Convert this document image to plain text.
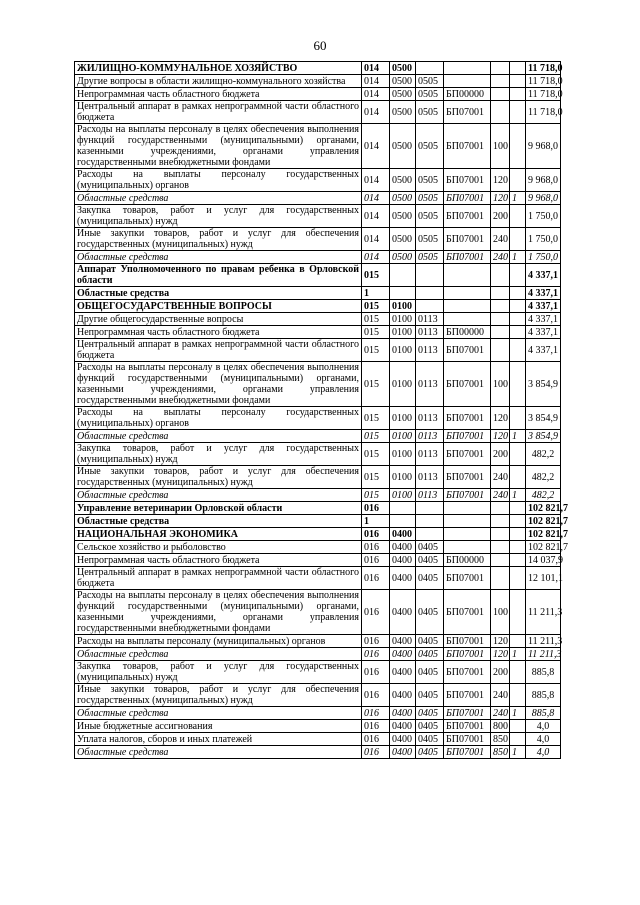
60
ЖИЛИЩНО-КОММУНАЛЬНОЕ ХОЗЯЙСТВО	014	0500					11 718,0
Другие вопросы в области жилищно-коммунального хозяйства	014	0500	0505				11 718,0
Непрограммная часть областного бюджета	014	0500	0505	БП00000			11 718,0
Центральный аппарат в рамках непрограммной части областного бюджета	014	0500	0505	БП07001			11 718,0
Расходы на выплаты персоналу в целях обеспечения выполнения функций государственными (муниципальными) органами, казенными учреждениями, органами управления государственными внебюджетными фондами	014	0500	0505	БП07001	100		9 968,0
Расходы на выплаты персоналу государственных (муниципальных) органов	014	0500	0505	БП07001	120		9 968,0
Областные средства	014	0500	0505	БП07001	120	1	9 968,0
Закупка товаров, работ и услуг для государственных (муниципальных) нужд	014	0500	0505	БП07001	200		1 750,0
Иные закупки товаров, работ и услуг для обеспечения государственных (муниципальных) нужд	014	0500	0505	БП07001	240		1 750,0
Областные средства	014	0500	0505	БП07001	240	1	1 750,0
Аппарат Уполномоченного по правам ребенка в Орловской области	015						4 337,1
Областные средства	1						4 337,1
ОБЩЕГОСУДАРСТВЕННЫЕ ВОПРОСЫ	015	0100					4 337,1
Другие общегосударственные вопросы	015	0100	0113				4 337,1
Непрограммная часть областного бюджета	015	0100	0113	БП00000			4 337,1
Центральный аппарат в рамках непрограммной части областного бюджета	015	0100	0113	БП07001			4 337,1
Расходы на выплаты персоналу в целях обеспечения выполнения функций государственными (муниципальными) органами, казенными учреждениями, органами управления государственными внебюджетными фондами	015	0100	0113	БП07001	100		3 854,9
Расходы на выплаты персоналу государственных (муниципальных) органов	015	0100	0113	БП07001	120		3 854,9
Областные средства	015	0100	0113	БП07001	120	1	3 854,9
Закупка товаров, работ и услуг для государственных (муниципальных) нужд	015	0100	0113	БП07001	200		482,2
Иные закупки товаров, работ и услуг для обеспечения государственных (муниципальных) нужд	015	0100	0113	БП07001	240		482,2
Областные средства	015	0100	0113	БП07001	240	1	482,2
Управление ветеринарии Орловской области	016						102 821,7
Областные средства	1						102 821,7
НАЦИОНАЛЬНАЯ ЭКОНОМИКА	016	0400					102 821,7
Сельское хозяйство и рыболовство	016	0400	0405				102 821,7
Непрограммная часть областного бюджета	016	0400	0405	БП00000			14 037,9
Центральный аппарат в рамках непрограммной части областного бюджета	016	0400	0405	БП07001			12 101,1
Расходы на выплаты персоналу в целях обеспечения выполнения функций государственными (муниципальными) органами, казенными учреждениями, органами управления государственными внебюджетными фондами	016	0400	0405	БП07001	100		11 211,3
Расходы на выплаты персоналу (муниципальных) органов	016	0400	0405	БП07001	120		11 211,3
Областные средства	016	0400	0405	БП07001	120	1	11 211,3
Закупка товаров, работ и услуг для государственных (муниципальных) нужд	016	0400	0405	БП07001	200		885,8
Иные закупки товаров, работ и услуг для обеспечения государственных (муниципальных) нужд	016	0400	0405	БП07001	240		885,8
Областные средства	016	0400	0405	БП07001	240	1	885,8
Иные бюджетные ассигнования	016	0400	0405	БП07001	800		4,0
Уплата налогов, сборов и иных платежей	016	0400	0405	БП07001	850		4,0
Областные средства	016	0400	0405	БП07001	850	1	4,0
